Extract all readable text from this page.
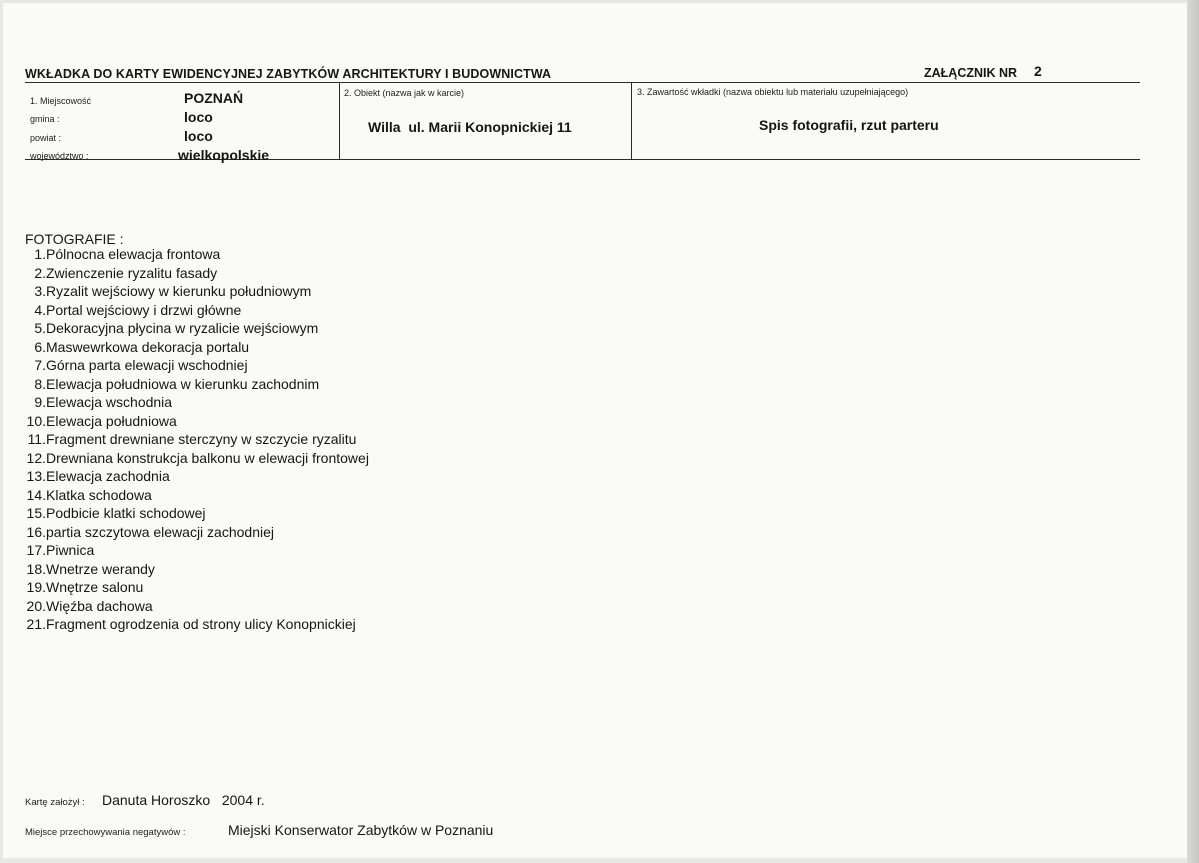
WKŁADKA DO KARTY EWIDENCYJNEJ ZABYTKÓW ARCHITEKTURY I BUDOWNICTWA	ZAŁĄCZNIK NR 2
1. Miejscowość	POZNAŃ
gmina :	loco
powiat :	loco
województwo :	wielkopolskie
2. Obiekt (nazwa jak w karcie)
Willa  ul. Marii Konopnickiej 11
3. Zawartość wkładki (nazwa obiektu lub materiału uzupełniającego)
Spis fotografii, rzut parteru
FOTOGRAFIE :
1.Pólnocna elewacja frontowa
2.Zwienczenie ryzalitu fasady
3.Ryzalit wejściowy w kierunku południowym
4.Portal wejściowy i drzwi główne
5.Dekoracyjna płycina w ryzalicie wejściowym
6.Maswewrkowa dekoracja portalu
7.Górna parta elewacji wschodniej
8.Elewacja południowa w kierunku zachodnim
9.Elewacja wschodnia
10.Elewacja południowa
11.Fragment drewniane sterczyny w szczycie ryzalitu
12.Drewniana konstrukcja balkonu w elewacji frontowej
13.Elewacja zachodnia
14.Klatka schodowa
15.Podbicie klatki schodowej
16.partia szczytowa elewacji zachodniej
17.Piwnica
18.Wnetrze werandy
19.Wnętrze salonu
20.Więźba dachowa
21.Fragment ogrodzenia od strony ulicy Konopnickiej
Kartę założył : Danuta Horoszko   2004 r.
Miejsce przechowywania negatywów :	Miejski Konserwator Zabytków w Poznaniu
